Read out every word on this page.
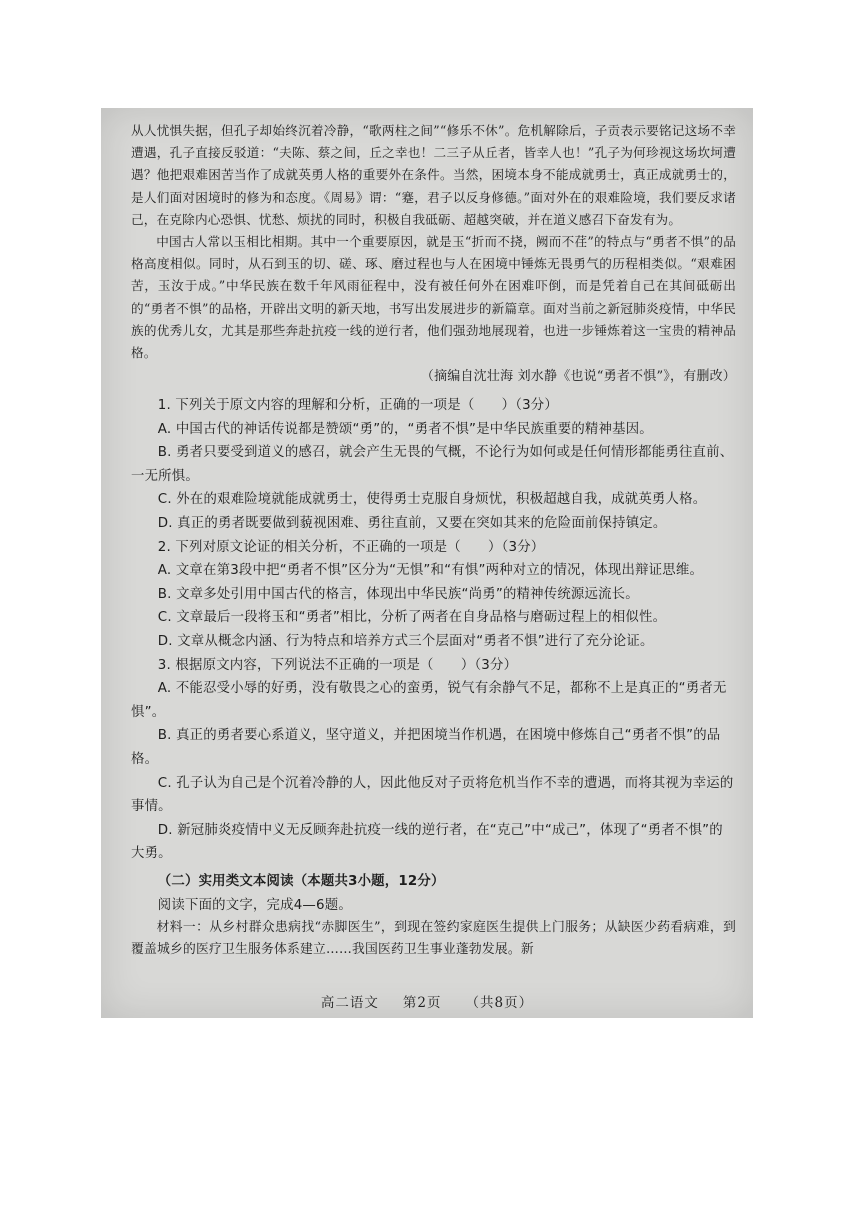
从人忧惧失据，但孔子却始终沉着冷静，“歌两柱之间”“修乐不休”。危机解除后，子贡表示要铭记这场不幸遭遇，孔子直接反驳道：“夫陈、蔡之间，丘之幸也！二三子从丘者，皆幸人也！”孔子为何珍视这场坎坷遭遇？他把艰难困苦当作了成就英勇人格的重要外在条件。当然，困境本身不能成就勇士，真正成就勇士的，是人们面对困境时的修为和态度。《周易》谓：“蹇，君子以反身修德。”面对外在的艰难险境，我们要反求诸己，在克除内心恐惧、忧愁、烦扰的同时，积极自我砥砺、超越突破，并在道义感召下奋发有为。

中国古人常以玉相比相期。其中一个重要原因，就是玉“折而不挠，阙而不荏”的特点与“勇者不惧”的品格高度相似。同时，从石到玉的切、磋、琢、磨过程也与人在困境中锤炼无畏勇气的历程相类似。“艰难困苦，玉汝于成。”中华民族在数千年风雨征程中，没有被任何外在困难吓倒，而是凭着自己在其间砥砺出的“勇者不惧”的品格，开辟出文明的新天地，书写出发展进步的新篇章。面对当前之新冠肺炎疫情，中华民族的优秀儿女，尤其是那些奔赴抗疫一线的逆行者，他们强劲地展现着，也进一步锤炼着这一宝贵的精神品格。

（摘编自沈壮海 刘水静《也说“勇者不惧”》，有删改）

1. 下列关于原文内容的理解和分析，正确的一项是（　　）（3分）

A. 中国古代的神话传说都是赞颂“勇”的，“勇者不惧”是中华民族重要的精神基因。

B. 勇者只要受到道义的感召，就会产生无畏的气概，不论行为如何或是任何情形都能勇往直前、一无所惧。

C. 外在的艰难险境就能成就勇士，使得勇士克服自身烦忧，积极超越自我，成就英勇人格。

D. 真正的勇者既要做到藐视困难、勇往直前，又要在突如其来的危险面前保持镇定。

2. 下列对原文论证的相关分析，不正确的一项是（　　）（3分）

A. 文章在第3段中把“勇者不惧”区分为“无惧”和“有惧”两种对立的情况，体现出辩证思维。

B. 文章多处引用中国古代的格言，体现出中华民族“尚勇”的精神传统源远流长。

C. 文章最后一段将玉和“勇者”相比，分析了两者在自身品格与磨砺过程上的相似性。

D. 文章从概念内涵、行为特点和培养方式三个层面对“勇者不惧”进行了充分论证。

3. 根据原文内容，下列说法不正确的一项是（　　）（3分）

A. 不能忍受小辱的好勇，没有敬畏之心的蛮勇，锐气有余静气不足，都称不上是真正的“勇者无惧”。

B. 真正的勇者要心系道义，坚守道义，并把困境当作机遇，在困境中修炼自己“勇者不惧”的品格。

C. 孔子认为自己是个沉着冷静的人，因此他反对子贡将危机当作不幸的遭遇，而将其视为幸运的事情。

D. 新冠肺炎疫情中义无反顾奔赴抗疫一线的逆行者，在“克己”中“成己”，体现了“勇者不惧”的大勇。

（二）实用类文本阅读（本题共3小题，12分）

阅读下面的文字，完成4—6题。

材料一：从乡村群众患病找“赤脚医生”，到现在签约家庭医生提供上门服务；从缺医少药看病难，到覆盖城乡的医疗卫生服务体系建立……我国医药卫生事业蓬勃发展。新

高二语文 第2页 （共8页）
